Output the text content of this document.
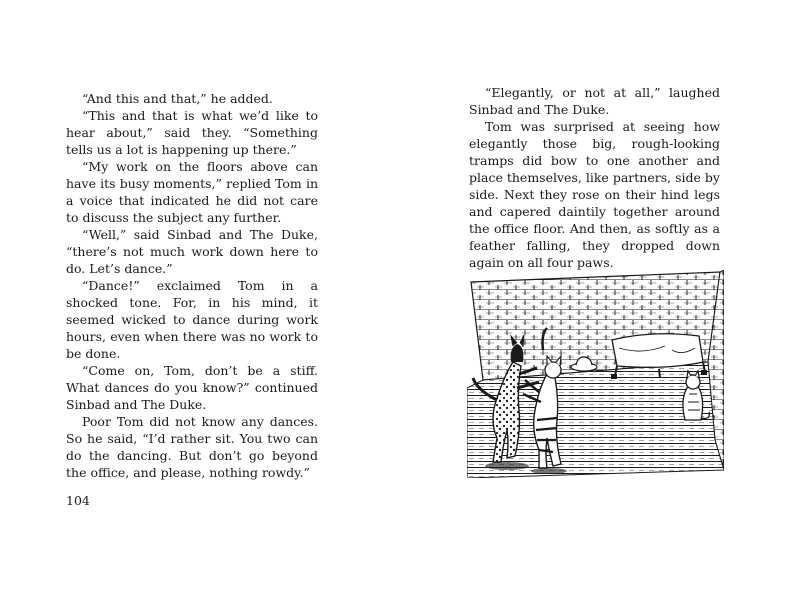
“And this and that,” he added.

“This and that is what we’d like to hear about,” said they. “Something tells us a lot is happening up there.”

“My work on the floors above can have its busy moments,” replied Tom in a voice that indicated he did not care to discuss the subject any further.

“Well,” said Sinbad and The Duke, “there’s not much work down here to do. Let’s dance.”

“Dance!” exclaimed Tom in a shocked tone. For, in his mind, it seemed wicked to dance during work hours, even when there was no work to be done.

“Come on, Tom, don’t be a stiff. What dances do you know?” continued Sinbad and The Duke.

Poor Tom did not know any dances. So he said, “I’d rather sit. You two can do the dancing. But don’t go beyond the office, and please, nothing rowdy.”

104

“Elegantly, or not at all,” laughed Sinbad and The Duke.

Tom was surprised at seeing how elegantly those big, rough-looking tramps did bow to one another and place themselves, like partners, side by side. Next they rose on their hind legs and capered daintily together around the office floor. And then, as softly as a feather falling, they dropped down again on all four paws.
